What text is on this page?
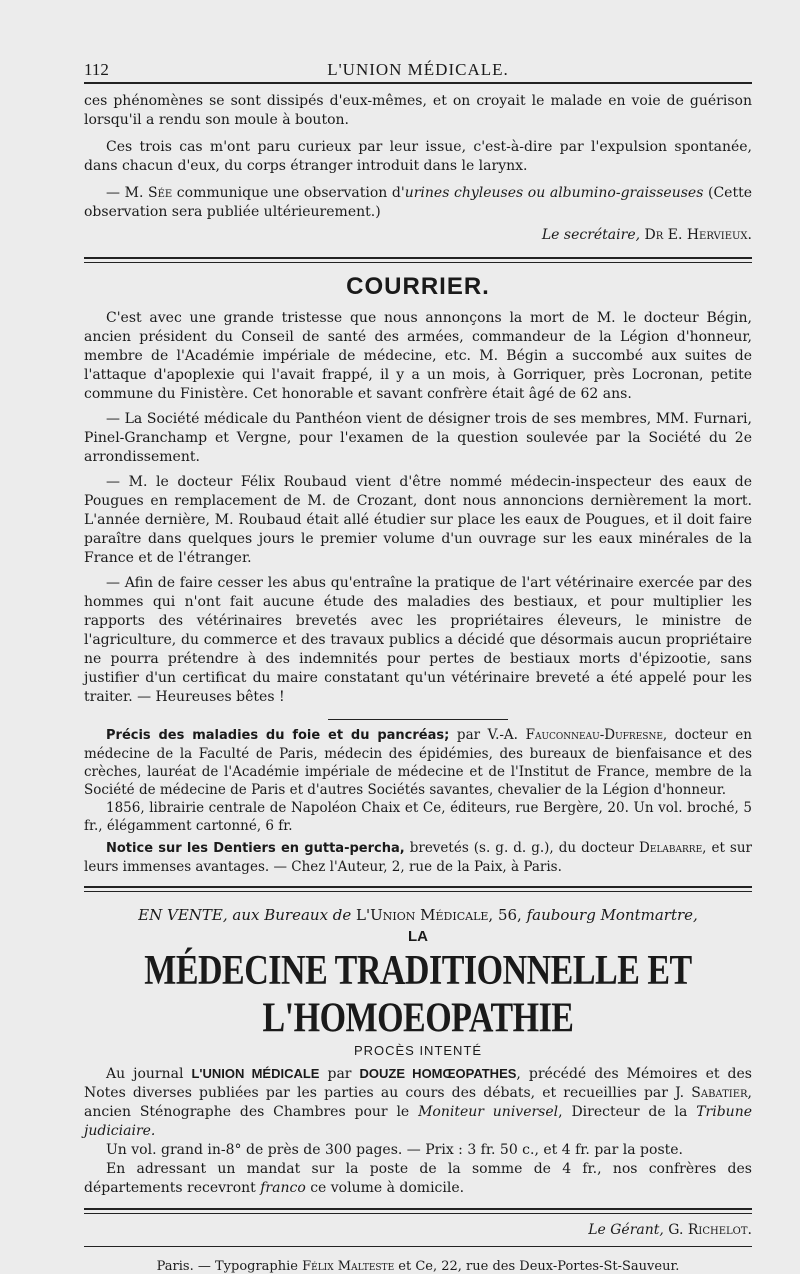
112	L'UNION MÉDICALE.

ces phénomènes se sont dissipés d'eux-mêmes, et on croyait le malade en voie de guérison lorsqu'il a rendu son moule à bouton.

Ces trois cas m'ont paru curieux par leur issue, c'est-à-dire par l'expulsion spontanée, dans chacun d'eux, du corps étranger introduit dans le larynx.

— M. Sée communique une observation d'urines chyleuses ou albumino-graisseuses (Cette observation sera publiée ultérieurement.)

Le secrétaire, Dr E. Hervieux.

COURRIER.

C'est avec une grande tristesse que nous annonçons la mort de M. le docteur Bégin, ancien président du Conseil de santé des armées, commandeur de la Légion d'honneur, membre de l'Académie impériale de médecine, etc. M. Bégin a succombé aux suites de l'attaque d'apoplexie qui l'avait frappé, il y a un mois, à Gorriquer, près Locronan, petite commune du Finistère. Cet honorable et savant confrère était âgé de 62 ans.

— La Société médicale du Panthéon vient de désigner trois de ses membres, MM. Furnari, Pinel-Granchamp et Vergne, pour l'examen de la question soulevée par la Société du 2e arrondissement.

— M. le docteur Félix Roubaud vient d'être nommé médecin-inspecteur des eaux de Pougues en remplacement de M. de Crozant, dont nous annoncions dernièrement la mort. L'année dernière, M. Roubaud était allé étudier sur place les eaux de Pougues, et il doit faire paraître dans quelques jours le premier volume d'un ouvrage sur les eaux minérales de la France et de l'étranger.

— Afin de faire cesser les abus qu'entraîne la pratique de l'art vétérinaire exercée par des hommes qui n'ont fait aucune étude des maladies des bestiaux, et pour multiplier les rapports des vétérinaires brevetés avec les propriétaires éleveurs, le ministre de l'agriculture, du commerce et des travaux publics a décidé que désormais aucun propriétaire ne pourra prétendre à des indemnités pour pertes de bestiaux morts d'épizootie, sans justifier d'un certificat du maire constatant qu'un vétérinaire breveté a été appelé pour les traiter. — Heureuses bêtes !

Précis des maladies du foie et du pancréas; par V.-A. Fauconneau-Dufresne, docteur en médecine de la Faculté de Paris, médecin des épidémies, des bureaux de bienfaisance et des crèches, lauréat de l'Académie impériale de médecine et de l'Institut de France, membre de la Société de médecine de Paris et d'autres Sociétés savantes, chevalier de la Légion d'honneur.

1856, librairie centrale de Napoléon Chaix et Ce, éditeurs, rue Bergère, 20. Un vol. broché, 5 fr., élégamment cartonné, 6 fr.

Notice sur les Dentiers en gutta-percha, brevetés (s. g. d. g.), du docteur Delabarre, et sur leurs immenses avantages. — Chez l'Auteur, 2, rue de la Paix, à Paris.

EN VENTE, aux Bureaux de L'Union Médicale, 56, faubourg Montmartre,
LA
MÉDECINE TRADITIONNELLE ET L'HOMOEOPATHIE
PROCÈS INTENTÉ

Au journal L'UNION MÉDICALE par DOUZE HOMŒOPATHES, précédé des Mémoires et des Notes diverses publiées par les parties au cours des débats, et recueillies par J. Sabatier, ancien Sténographe des Chambres pour le Moniteur universel, Directeur de la Tribune judiciaire.

Un vol. grand in-8° de près de 300 pages. — Prix : 3 fr. 50 c., et 4 fr. par la poste.

En adressant un mandat sur la poste de la somme de 4 fr., nos confrères des départements recevront franco ce volume à domicile.

Le Gérant, G. Richelot.
Paris. — Typographie Félix Malteste et Ce, 22, rue des Deux-Portes-St-Sauveur.
